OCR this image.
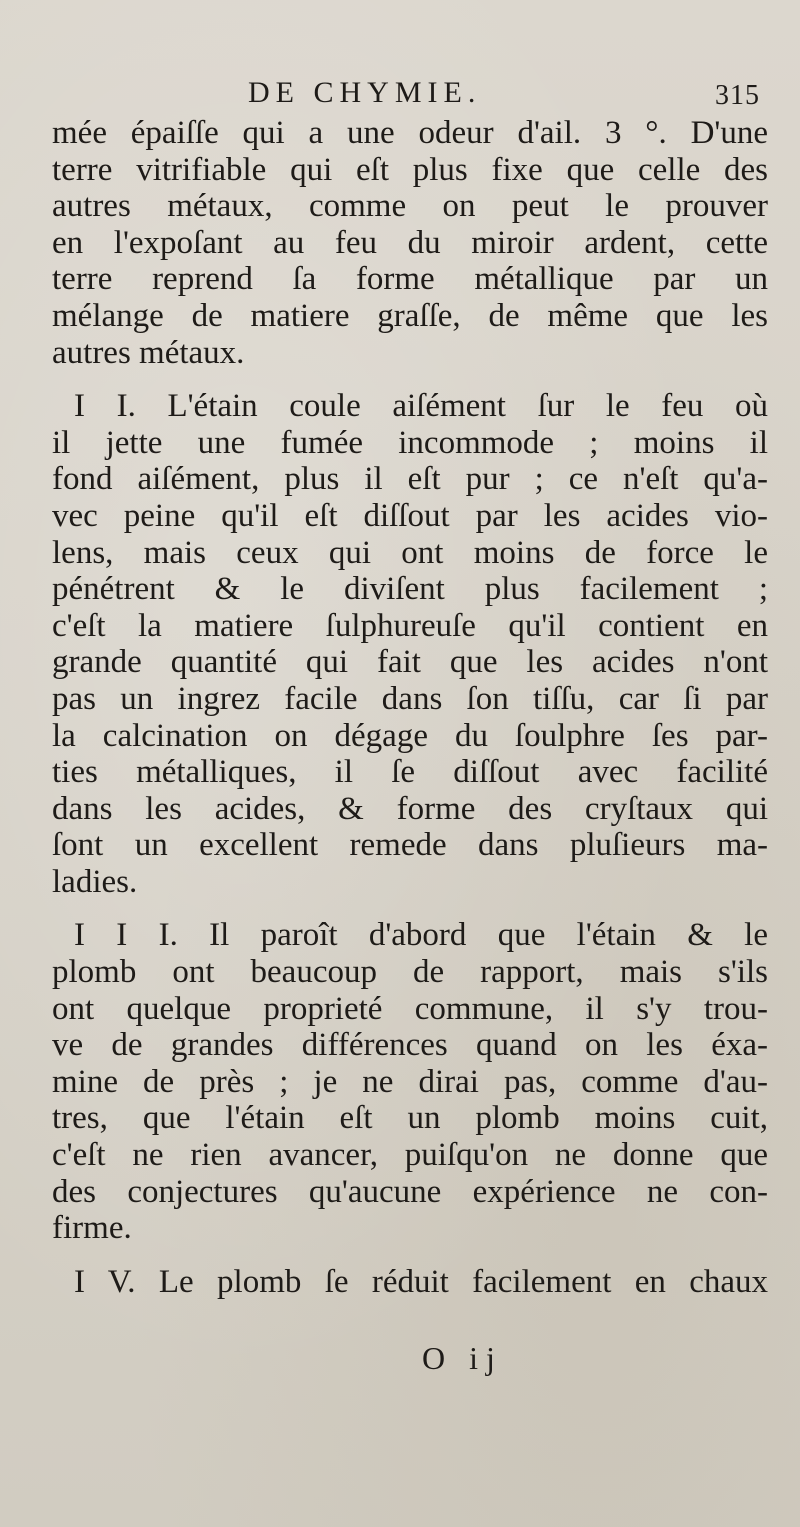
DE CHYMIE.	315

mée épaiſſe qui a une odeur d'ail. 3 °. D'une

terre vitrifiable qui eſt plus fixe que celle des

autres métaux, comme on peut le prouver

en l'expoſant au feu du miroir ardent, cette

terre reprend ſa forme métallique par un

mélange de matiere graſſe, de même que les

autres métaux.

I I. L'étain coule aiſément ſur le feu où

il jette une fumée incommode ; moins il

fond aiſément, plus il eſt pur ; ce n'eſt qu'a-

vec peine qu'il eſt diſſout par les acides vio-

lens, mais ceux qui ont moins de force le

pénétrent & le diviſent plus facilement ;

c'eſt la matiere ſulphureuſe qu'il contient en

grande quantité qui fait que les acides n'ont

pas un ingrez facile dans ſon tiſſu, car ſi par

la calcination on dégage du ſoulphre ſes par-

ties métalliques, il ſe diſſout avec facilité

dans les acides, & forme des cryſtaux qui

ſont un excellent remede dans pluſieurs ma-

ladies.

I I I. Il paroît d'abord que l'étain & le

plomb ont beaucoup de rapport, mais s'ils

ont quelque proprieté commune, il s'y trou-

ve de grandes différences quand on les éxa-

mine de près ; je ne dirai pas, comme d'au-

tres, que l'étain eſt un plomb moins cuit,

c'eſt ne rien avancer, puiſqu'on ne donne que

des conjectures qu'aucune expérience ne con-

firme.

I V. Le plomb ſe réduit facilement en chaux

O ij
